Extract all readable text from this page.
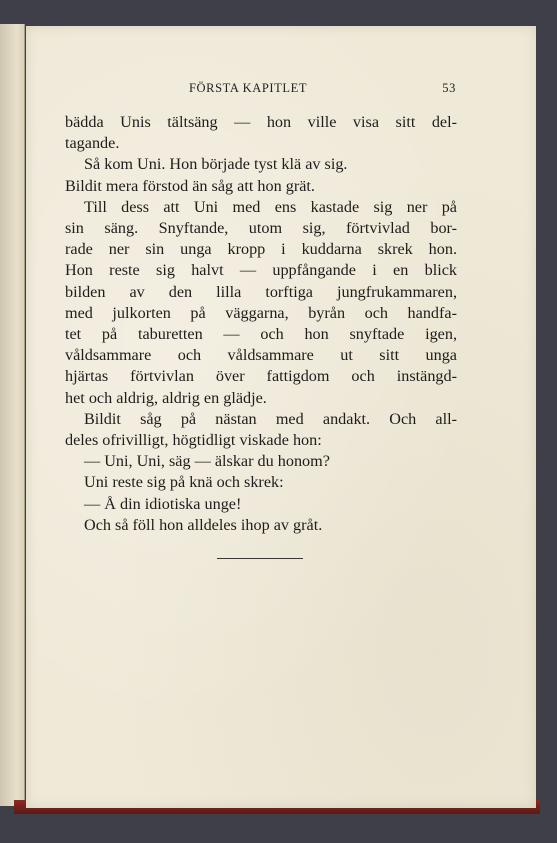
FÖRSTA KAPITLET	53
bädda Unis tältsäng — hon ville visa sitt del-
tagande.
Så kom Uni. Hon började tyst klä av sig.
Bildit mera förstod än såg att hon grät.
Till dess att Uni med ens kastade sig ner på
sin säng. Snyftande, utom sig, förtvivlad bor-
rade ner sin unga kropp i kuddarna skrek hon.
Hon reste sig halvt — uppfångande i en blick
bilden av den lilla torftiga jungfrukammaren,
med julkorten på väggarna, byrån och handfa-
tet på taburetten — och hon snyftade igen,
våldsammare och våldsammare ut sitt unga
hjärtas förtvivlan över fattigdom och instängd-
het och aldrig, aldrig en glädje.
Bildit såg på nästan med andakt. Och all-
deles ofrivilligt, högtidligt viskade hon:
— Uni, Uni, säg — älskar du honom?
Uni reste sig på knä och skrek:
— Å din idiotiska unge!
Och så föll hon alldeles ihop av gråt.
